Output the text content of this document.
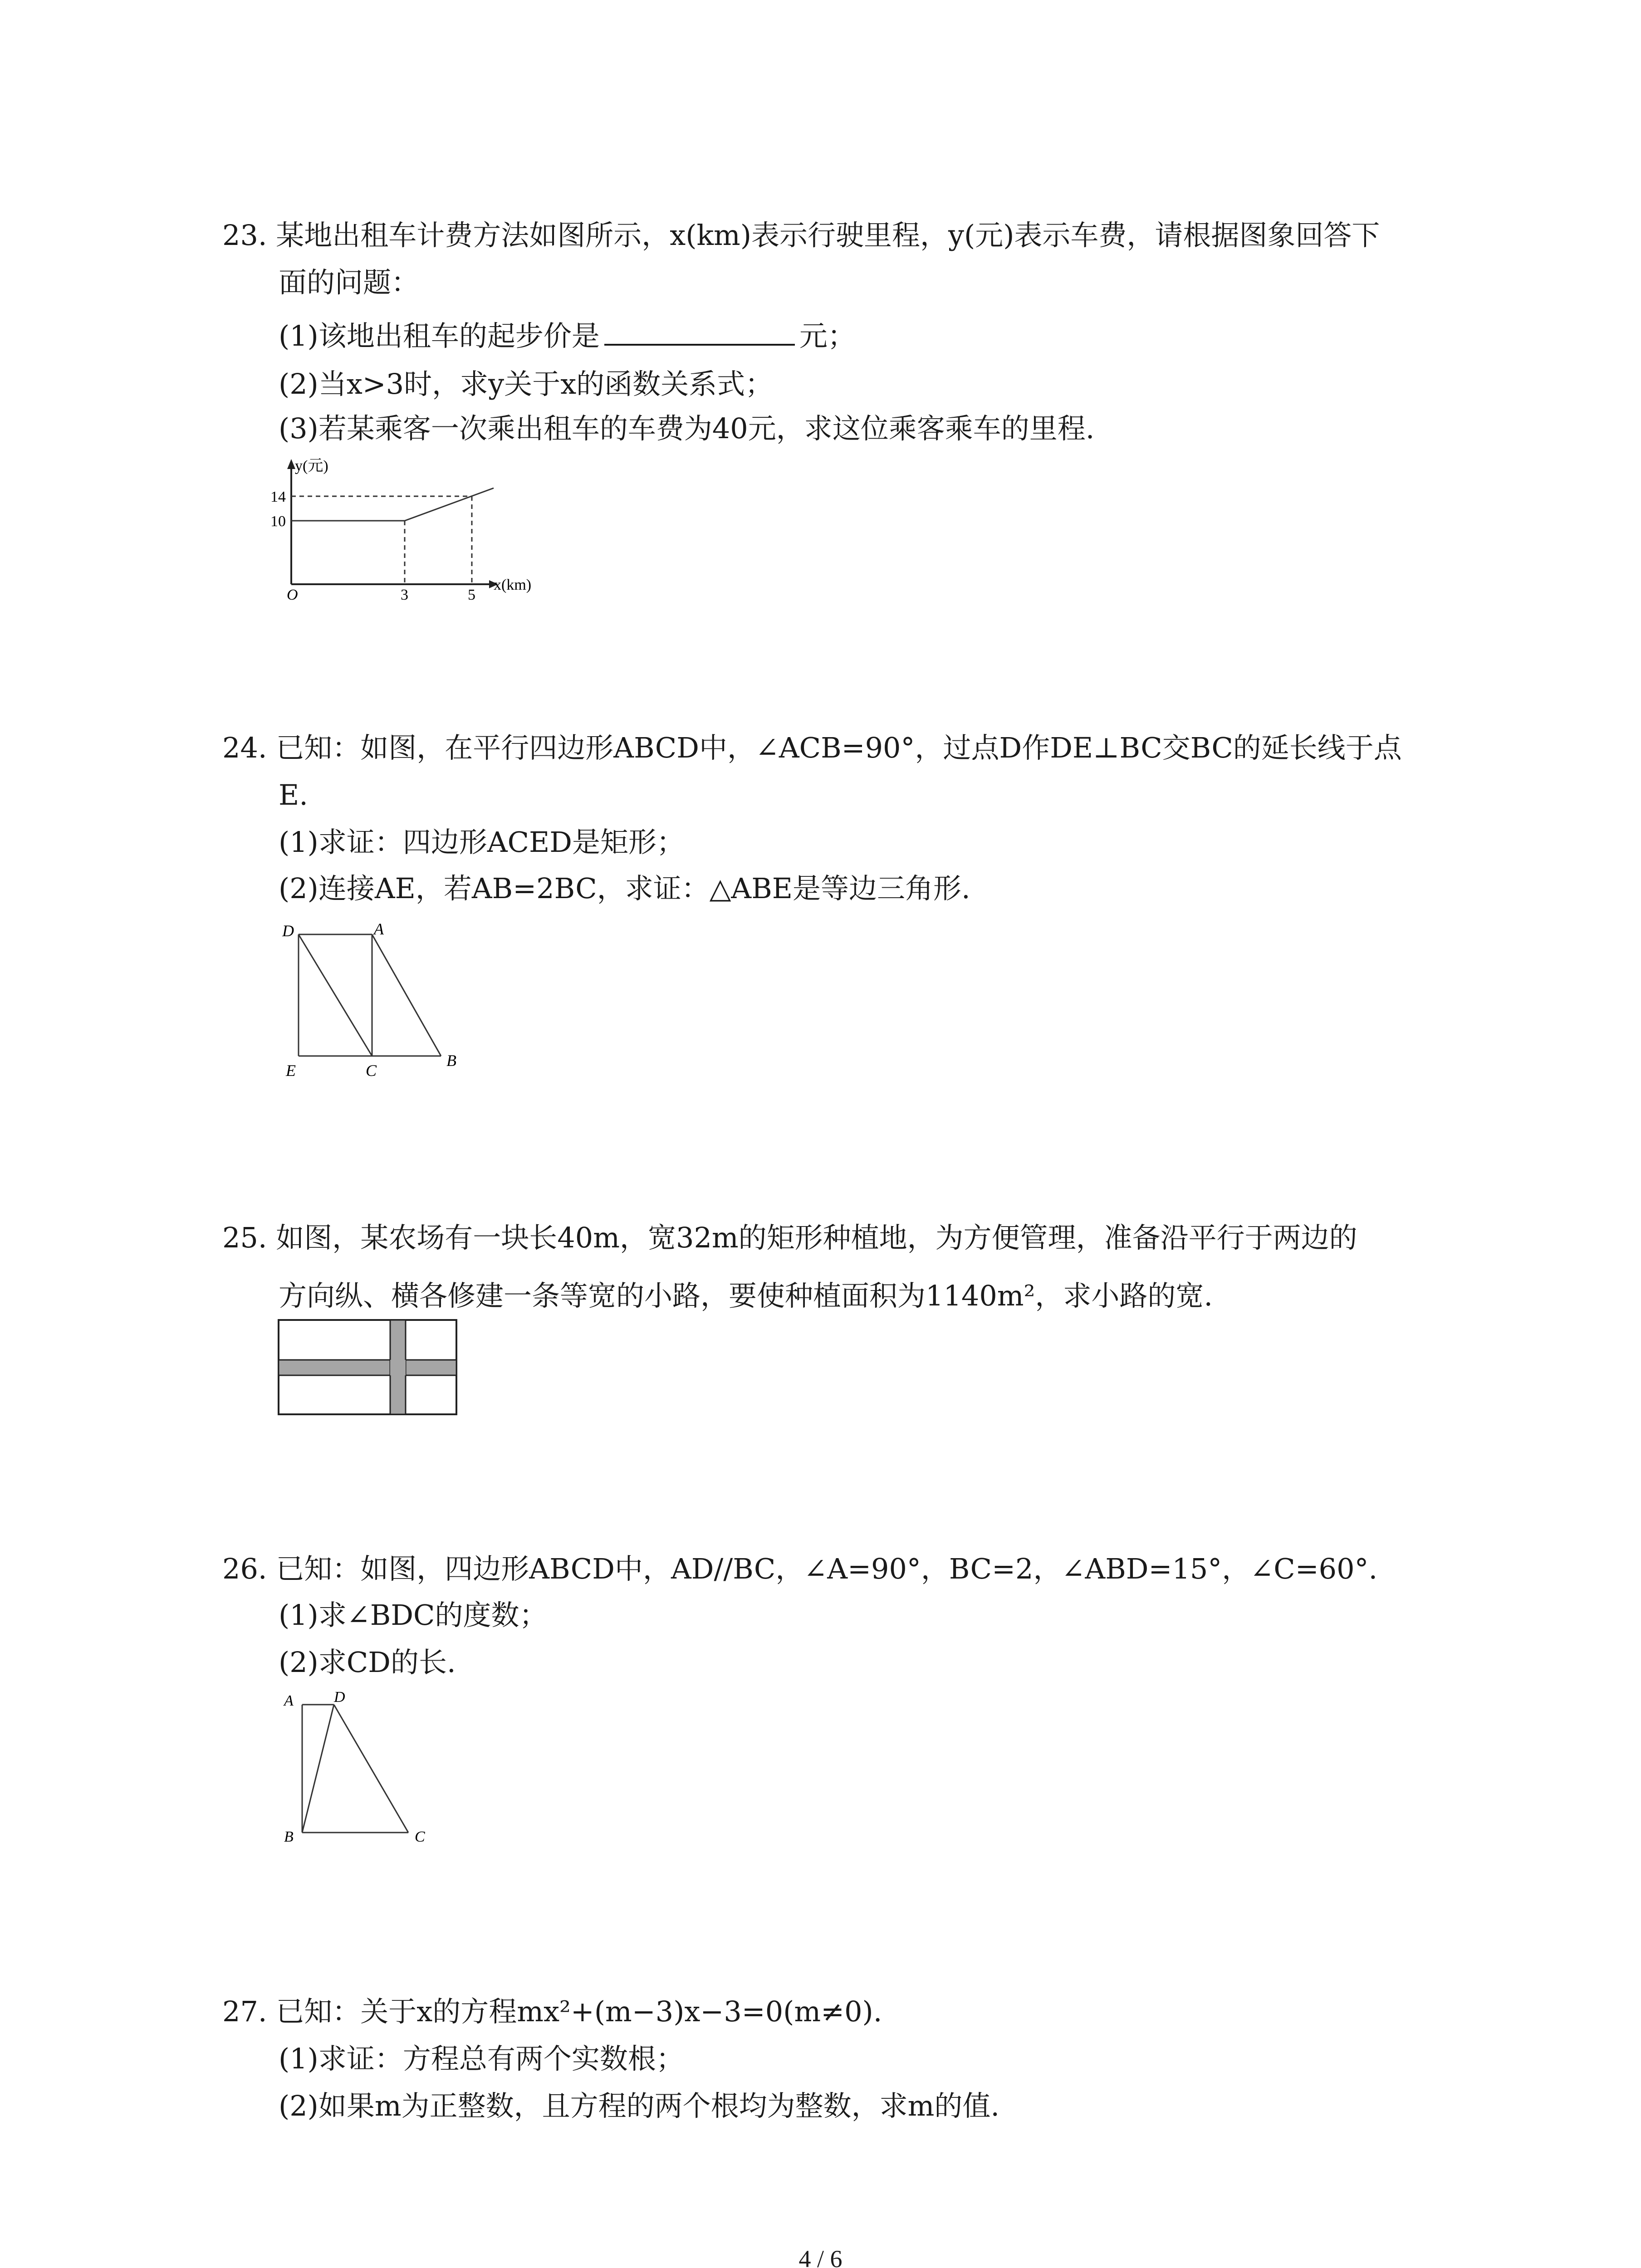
23. 某地出租车计费方法如图所示，x(km)表示行驶里程，y(元)表示车费，请根据图象回答下
面的问题：
(1)该地出租车的起步价是	元；
(2)当x>3时，求y关于x的函数关系式；
(3)若某乘客一次乘出租车的车费为40元，求这位乘客乘车的里程.
y(元)
14
10
O	3	5
x(km)
24. 已知：如图，在平行四边形ABCD中，∠ACB=90°，过点D作DE⊥BC交BC的延长线于点
E.
(1)求证：四边形ACED是矩形；
(2)连接AE，若AB=2BC，求证：△ABE是等边三角形.
D	A
E	C
B
25. 如图，某农场有一块长40m，宽32m的矩形种植地，为方便管理，准备沿平行于两边的
方向纵、横各修建一条等宽的小路，要使种植面积为1140m²，求小路的宽.
26. 已知：如图，四边形ABCD中，AD//BC，∠A=90°，BC=2，∠ABD=15°，∠C=60°.
(1)求∠BDC的度数；
(2)求CD的长.
A	D
B	C
27. 已知：关于x的方程mx²+(m−3)x−3=0(m≠0).
(1)求证：方程总有两个实数根；
(2)如果m为正整数，且方程的两个根均为整数，求m的值.
4 / 6
